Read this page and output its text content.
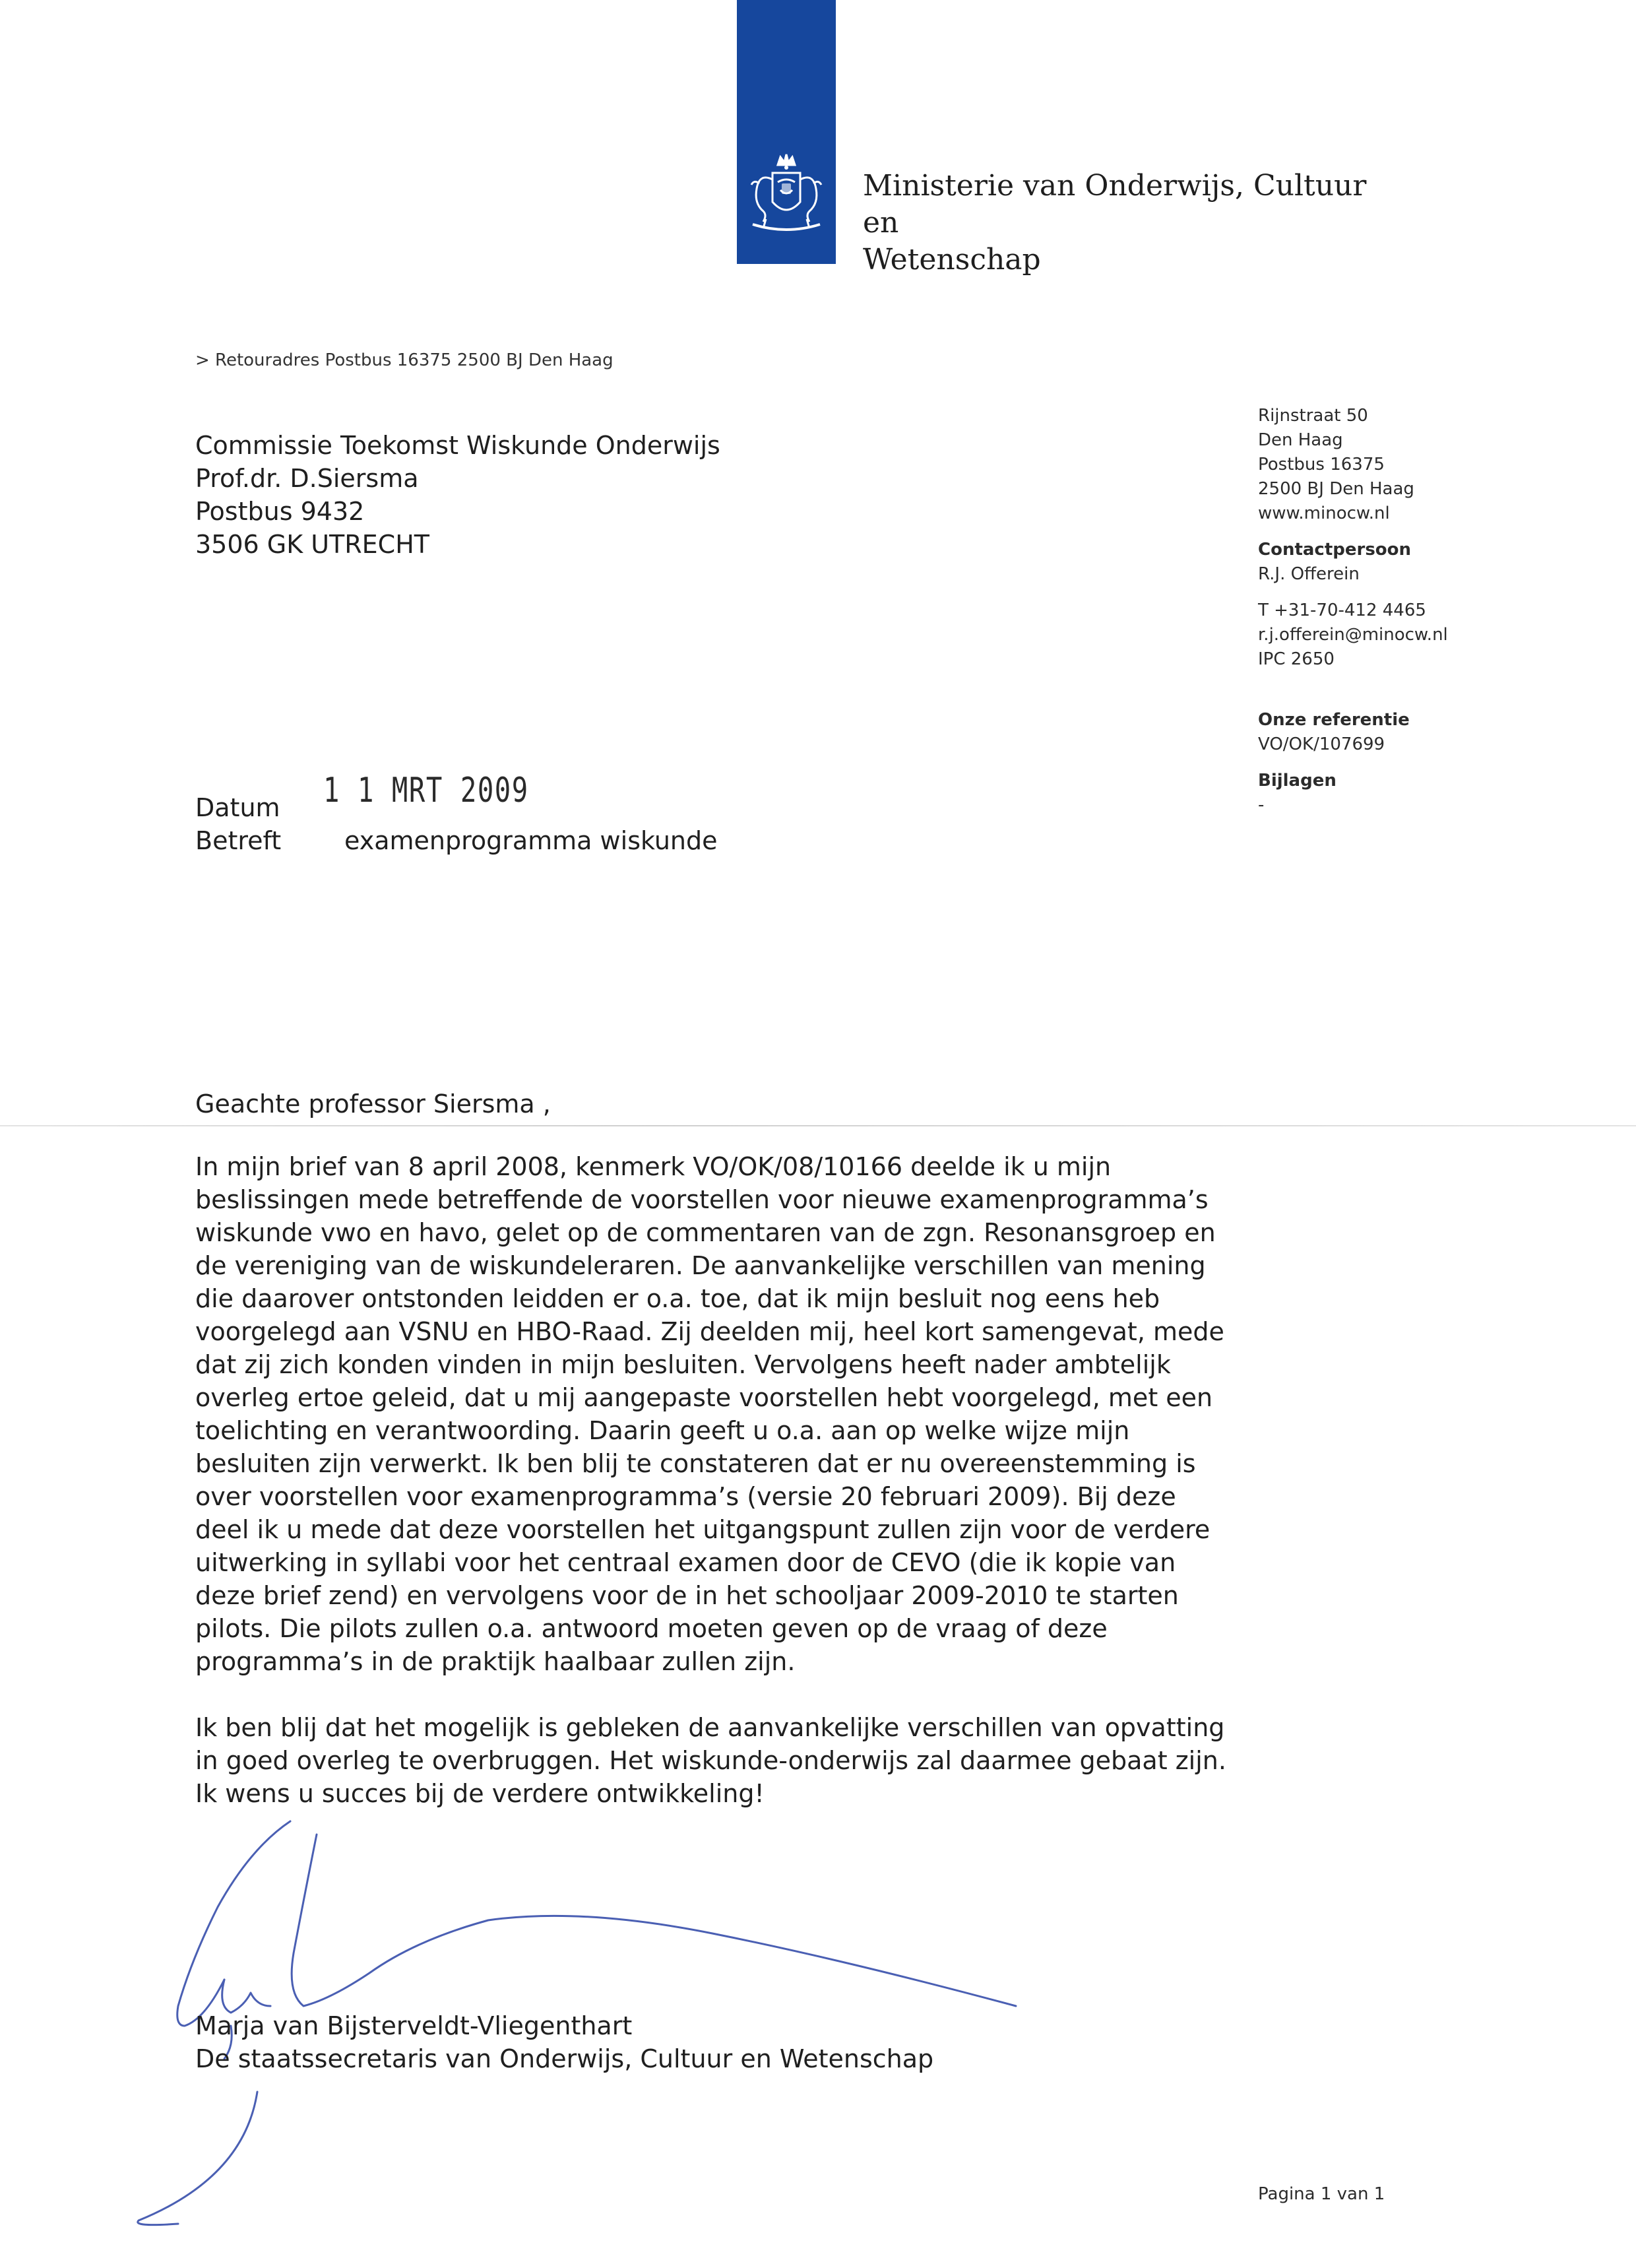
Ministerie van Onderwijs, Cultuur en
Wetenschap
> Retouradres Postbus 16375 2500 BJ Den Haag
Commissie Toekomst Wiskunde Onderwijs
Prof.dr. D.Siersma
Postbus 9432
3506 GK UTRECHT
Rijnstraat 50
Den Haag
Postbus 16375
2500 BJ Den Haag
www.minocw.nl
Contactpersoon
R.J. Offerein
T +31-70-412 4465
r.j.offerein@minocw.nl
IPC 2650
Onze referentie
VO/OK/107699
Bijlagen
-
Datum 1 1 MRT 2009
Betreft	examenprogramma wiskunde
Geachte professor Siersma ,
In mijn brief van 8 april 2008, kenmerk VO/OK/08/10166 deelde ik u mijn
beslissingen mede betreffende de voorstellen voor nieuwe examenprogramma’s
wiskunde vwo en havo, gelet op de commentaren van de zgn. Resonansgroep en
de vereniging van de wiskundeleraren. De aanvankelijke verschillen van mening
die daarover ontstonden leidden er o.a. toe, dat ik mijn besluit nog eens heb
voorgelegd aan VSNU en HBO-Raad. Zij deelden mij, heel kort samengevat, mede
dat zij zich konden vinden in mijn besluiten. Vervolgens heeft nader ambtelijk
overleg ertoe geleid, dat u mij aangepaste voorstellen hebt voorgelegd, met een
toelichting en verantwoording. Daarin geeft u o.a. aan op welke wijze mijn
besluiten zijn verwerkt. Ik ben blij te constateren dat er nu overeenstemming is
over voorstellen voor examenprogramma’s (versie 20 februari 2009). Bij deze
deel ik u mede dat deze voorstellen het uitgangspunt zullen zijn voor de verdere
uitwerking in syllabi voor het centraal examen door de CEVO (die ik kopie van
deze brief zend) en vervolgens voor de in het schooljaar 2009-2010 te starten
pilots. Die pilots zullen o.a. antwoord moeten geven op de vraag of deze
programma’s in de praktijk haalbaar zullen zijn.
Ik ben blij dat het mogelijk is gebleken de aanvankelijke verschillen van opvatting
in goed overleg te overbruggen. Het wiskunde-onderwijs zal daarmee gebaat zijn.
Ik wens u succes bij de verdere ontwikkeling!
Marja van Bijsterveldt-Vliegenthart
De staatssecretaris van Onderwijs, Cultuur en Wetenschap
Pagina 1 van 1
